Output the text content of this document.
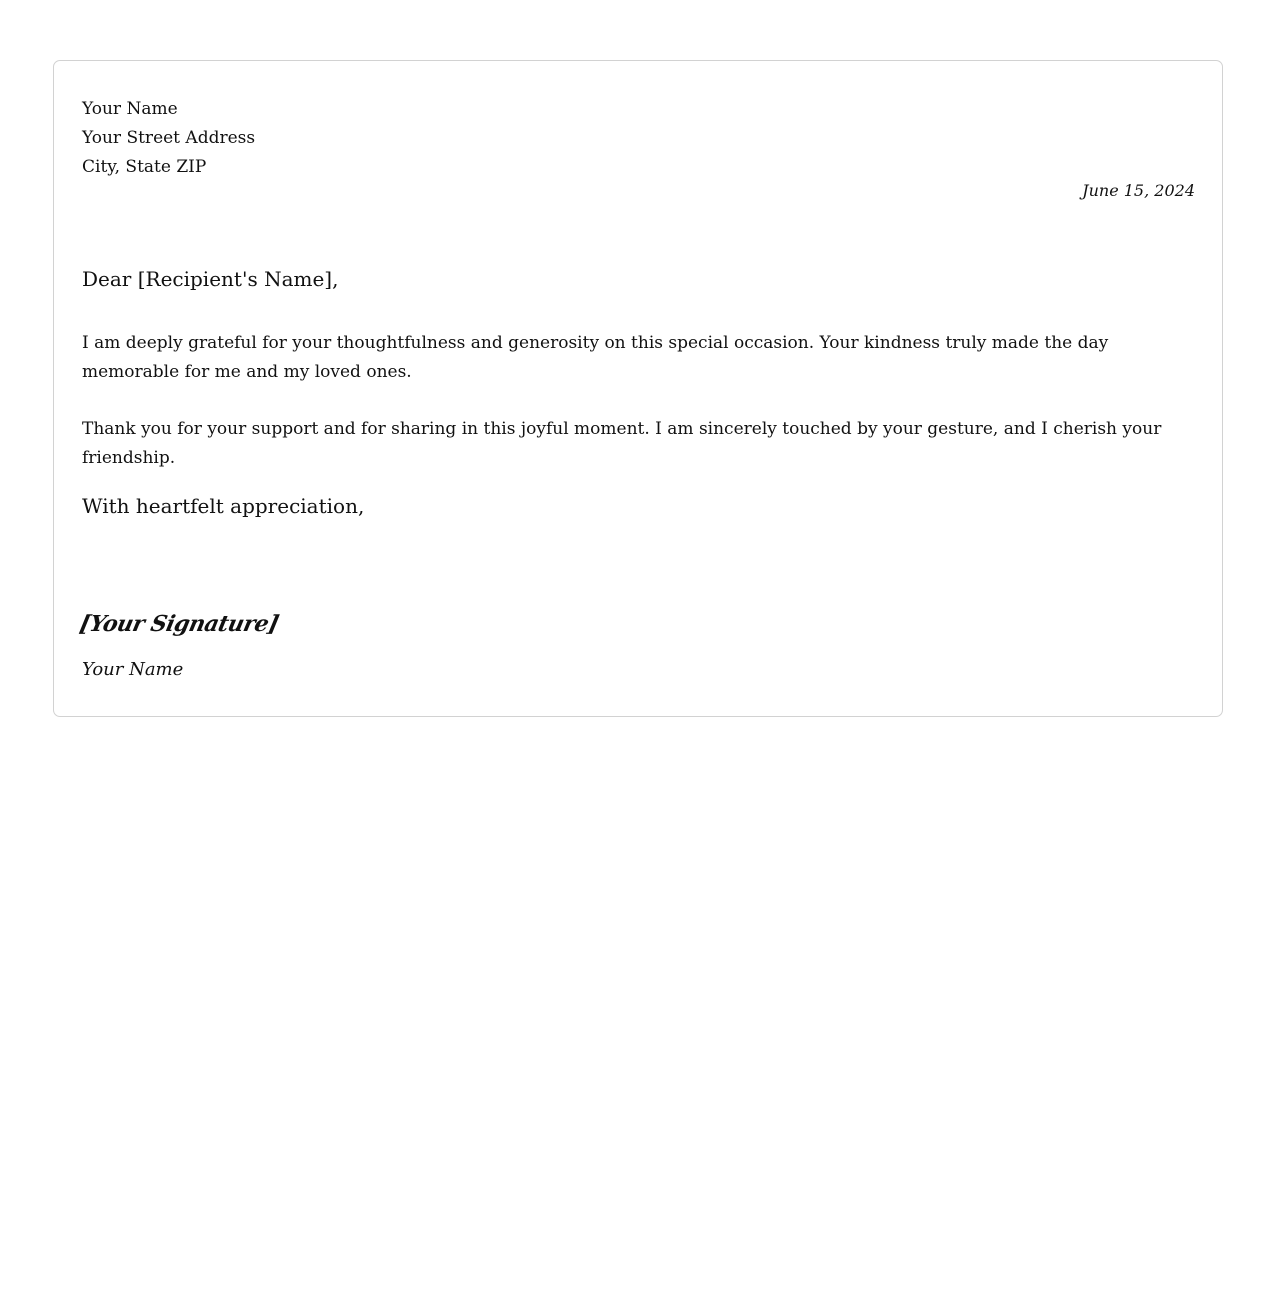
Your Name
Your Street Address
City, State ZIP
June 15, 2024
Dear [Recipient's Name],

I am deeply grateful for your thoughtfulness and generosity on this special occasion. Your kindness truly made the day memorable for me and my loved ones.

Thank you for your support and for sharing in this joyful moment. I am sincerely touched by your gesture, and I cherish your friendship.

With heartfelt appreciation,
[Your Signature]
Your Name
